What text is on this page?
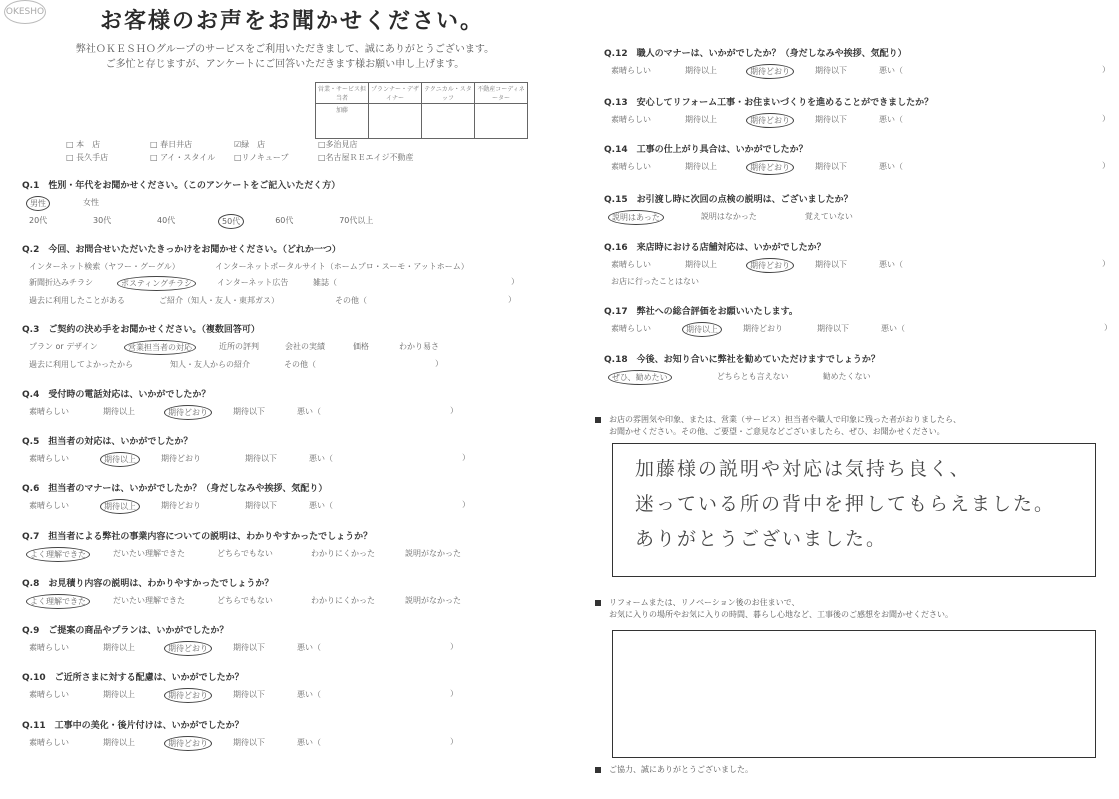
OKESHO	お客様のお声をお聞かせください。
弊社ＯＫＥＳＨＯグループのサービスをご利用いただきまして、誠にありがとうございます。
ご多忙と存じますが、アンケートにご回答いただきます様お願い申し上げます。
営業・サービス担当者	プランナー・デザイナー	テクニカル・スタッフ	不動産コーディネーター
加藤			
□ 本　店	□ 春日井店	☑緑　店	□多治見店
□ 長久手店	□ アイ・スタイル	□リノキューブ	□名古屋ＲＥエイジ不動産
Q.1　性別・年代をお聞かせください。（このアンケートをご記入いただく方）
男性	女性
20代	30代	40代	50代	60代	70代以上
Q.2　今回、お問合せいただいたきっかけをお聞かせください。（どれか一つ）
インターネット検索（ヤフー・グーグル）	インターネットポータルサイト（ホームプロ・スーモ・アットホーム）
新聞折込みチラシ	ポスティングチラシ	インターネット広告	雑誌（	）
過去に利用したことがある	ご紹介（知人・友人・東邦ガス）	その他（	）
Q.3　ご契約の決め手をお聞かせください。（複数回答可）
プラン or デザイン	営業担当者の対応	近所の評判	会社の実績	価格	わかり易さ
過去に利用してよかったから	知人・友人からの紹介	その他（	）
Q.4　受付時の電話対応は、いかがでしたか？
素晴らしい	期待以上	期待どおり	期待以下	悪い（	）
Q.5　担当者の対応は、いかがでしたか？
素晴らしい	期待以上	期待どおり	期待以下	悪い（	）
Q.6　担当者のマナーは、いかがでしたか？（身だしなみや挨拶、気配り）
素晴らしい	期待以上	期待どおり	期待以下	悪い（	）
Q.7　担当者による弊社の事業内容についての説明は、わかりやすかったでしょうか？
よく理解できた	だいたい理解できた	どちらでもない	わかりにくかった	説明がなかった
Q.8　お見積り内容の説明は、わかりやすかったでしょうか？
よく理解できた	だいたい理解できた	どちらでもない	わかりにくかった	説明がなかった
Q.9　ご提案の商品やプランは、いかがでしたか？
素晴らしい	期待以上	期待どおり	期待以下	悪い（	）
Q.10　ご近所さまに対する配慮は、いかがでしたか？
素晴らしい	期待以上	期待どおり	期待以下	悪い（	）
Q.11　工事中の美化・後片付けは、いかがでしたか？
素晴らしい	期待以上	期待どおり	期待以下	悪い（	）
Q.12　職人のマナーは、いかがでしたか？（身だしなみや挨拶、気配り）
素晴らしい	期待以上	期待どおり	期待以下	悪い（	）
Q.13　安心してリフォーム工事・お住まいづくりを進めることができましたか？
素晴らしい	期待以上	期待どおり	期待以下	悪い（	）
Q.14　工事の仕上がり具合は、いかがでしたか？
素晴らしい	期待以上	期待どおり	期待以下	悪い（	）
Q.15　お引渡し時に次回の点検の説明は、ございましたか？
説明はあった	説明はなかった	覚えていない
Q.16　来店時における店舗対応は、いかがでしたか？
素晴らしい	期待以上	期待どおり	期待以下	悪い（	）
お店に行ったことはない
Q.17　弊社への総合評価をお願いいたします。
素晴らしい	期待以上	期待どおり	期待以下	悪い（	）
Q.18　今後、お知り合いに弊社を勧めていただけますでしょうか？
ぜひ、勧めたい	どちらとも言えない	勧めたくない
お店の雰囲気や印象、または、営業（サービス）担当者や職人で印象に残った者がおりましたら、
お聞かせください。その他、ご要望・ご意見などございましたら、ぜひ、お聞かせください。
加藤様の説明や対応は気持ち良く、
迷っている所の背中を押してもらえました。
ありがとうございました。
リフォームまたは、リノベーション後のお住まいで、
お気に入りの場所やお気に入りの時間、暮らし心地など、工事後のご感想をお聞かせください。
ご協力、誠にありがとうございました。
